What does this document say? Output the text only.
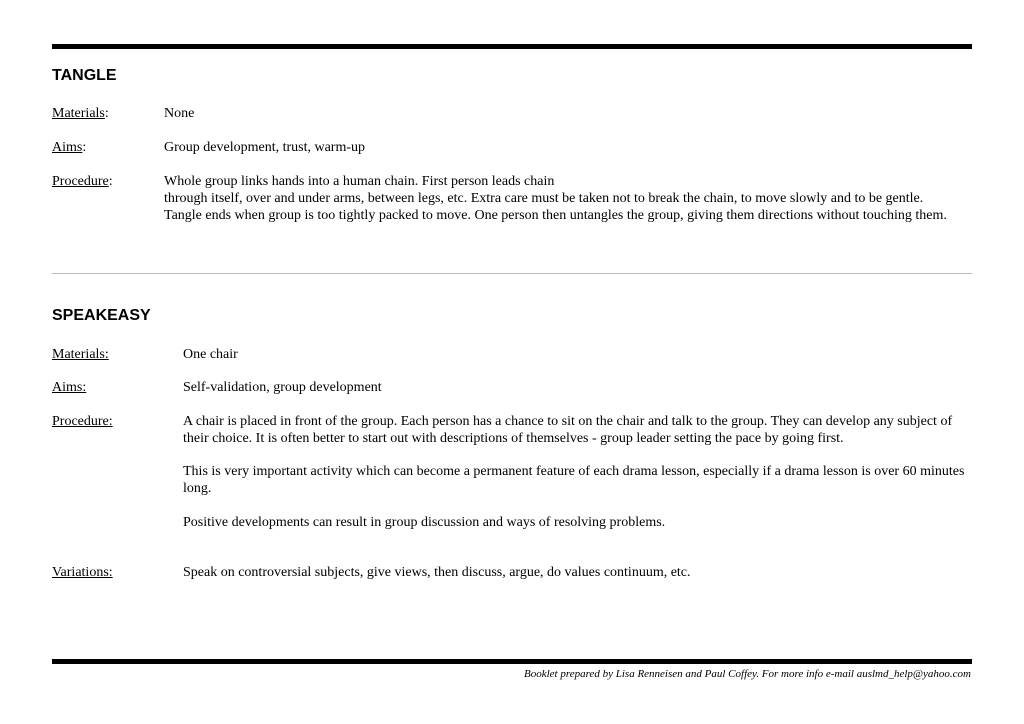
TANGLE
Materials:	None
Aims:	Group development, trust, warm-up
Procedure:	Whole group links hands into a human chain. First person leads chain
through itself, over and under arms, between legs, etc. Extra care must be taken not to break the chain, to move slowly and to be gentle.
Tangle ends when group is too tightly packed to move. One person then untangles the group, giving them directions without touching them.
SPEAKEASY
Materials:	One chair
Aims:	Self-validation, group development
Procedure:	A chair is placed in front of the group. Each person has a chance to sit on the chair and talk to the group. They can develop any subject of their choice. It is often better to start out with descriptions of themselves - group leader setting the pace by going first.
This is very important activity which can become a permanent feature of each drama lesson, especially if a drama lesson is over 60 minutes long.
Positive developments can result in group discussion and ways of resolving problems.
Variations:	Speak on controversial subjects, give views, then discuss, argue, do values continuum, etc.
Booklet prepared by Lisa Renneisen and Paul Coffey. For more info e-mail auslmd_help@yahoo.com
